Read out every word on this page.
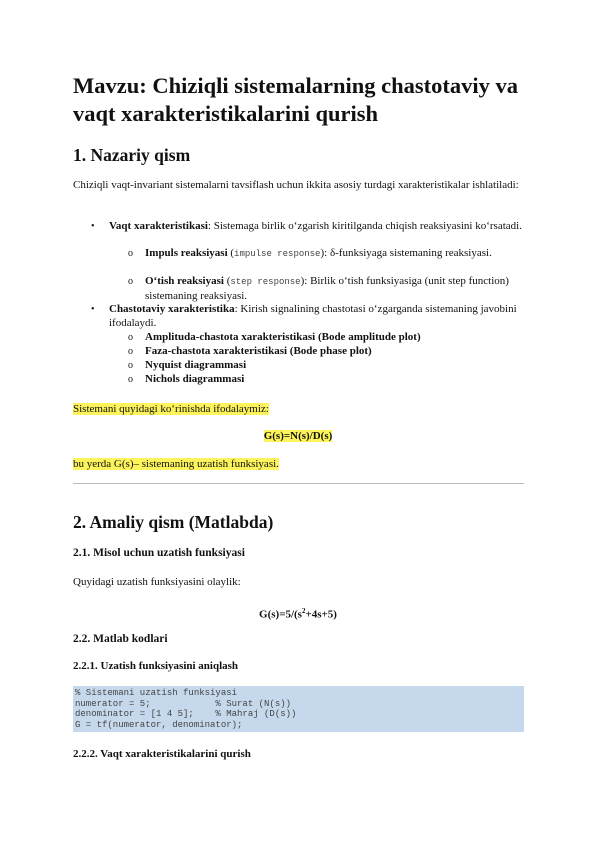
Mavzu: Chiziqli sistemalarning chastotaviy va vaqt xarakteristikalarini qurish
1. Nazariy qism

Chiziqli vaqt-invariant sistemalarni tavsiflash uchun ikkita asosiy turdagi xarakteristikalar ishlatiladi:

• Vaqt xarakteristikasi: Sistemaga birlik o‘zgarish kiritilganda chiqish reaksiyasini ko‘rsatadi.

o Impuls reaksiyasi (impulse response): δ-funksiyaga sistemaning reaksiyasi.

o O‘tish reaksiyasi (step response): Birlik o‘tish funksiyasiga (unit step function) sistemaning reaksiyasi.

• Chastotaviy xarakteristika: Kirish signalining chastotasi o‘zgarganda sistemaning javobini ifodalaydi.

o Amplituda-chastota xarakteristikasi (Bode amplitude plot)

o Faza-chastota xarakteristikasi (Bode phase plot)

o Nyquist diagrammasi

o Nichols diagrammasi

Sistemani quyidagi ko‘rinishda ifodalaymiz:

G(s)=N(s)/D(s)

bu yerda G(s)– sistemaning uzatish funksiyasi.

2. Amaliy qism (Matlabda)
2.1. Misol uchun uzatish funksiyasi

Quyidagi uzatish funksiyasini olaylik:

$G(s)=5/(s^2+4s+5)$
2.2. Matlab kodlari
2.2.1. Uzatish funksiyasini aniqlash
% Sistemani uzatish funksiyasi
numerator = 5;            % Surat (N(s))
denominator = [1 4 5];    % Mahraj (D(s))
G = tf(numerator, denominator);
2.2.2. Vaqt xarakteristikalarini qurish
